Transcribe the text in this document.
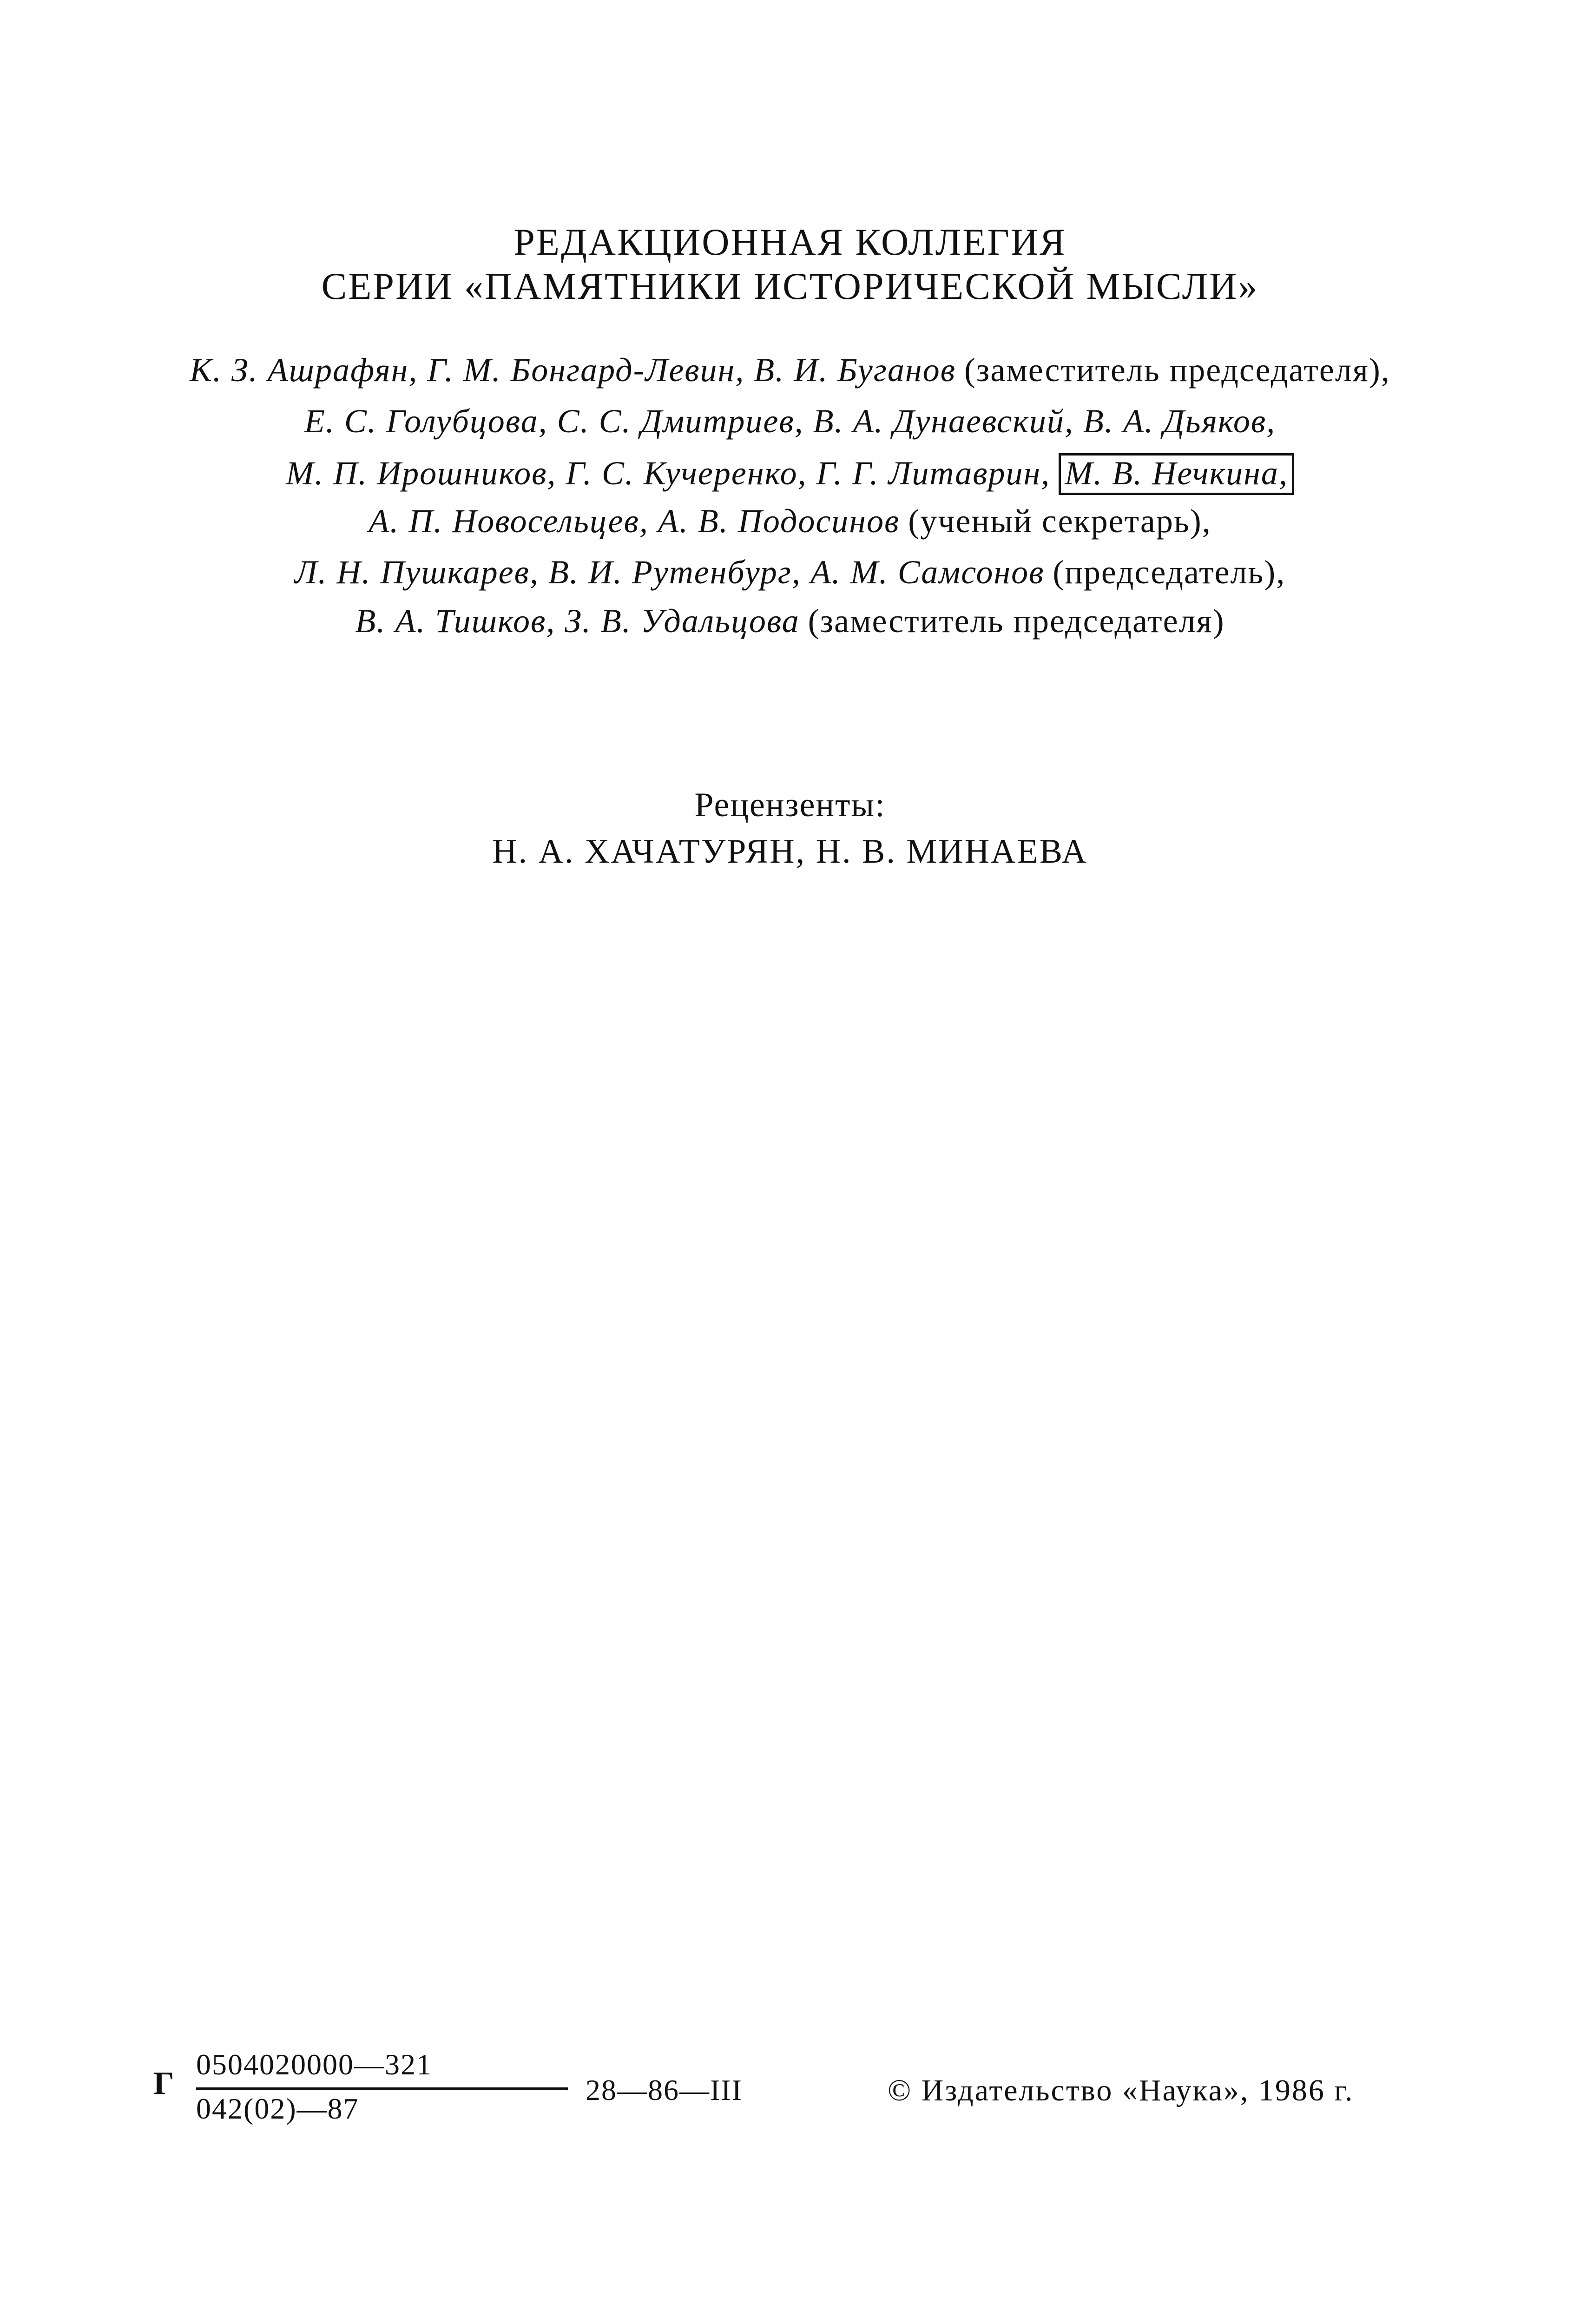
РЕДАКЦИОННАЯ КОЛЛЕГИЯ
СЕРИИ «ПАМЯТНИКИ ИСТОРИЧЕСКОЙ МЫСЛИ»
К. З. Ашрафян, Г. М. Бонгард-Левин, В. И. Буганов (заместитель председателя),
Е. С. Голубцова, С. С. Дмитриев, В. А. Дунаевский, В. А. Дьяков,
М. П. Ирошников, Г. С. Кучеренко, Г. Г. Литаврин, М. В. Нечкина,
А. П. Новосельцев, А. В. Подосинов (ученый секретарь),
Л. Н. Пушкарев, В. И. Рутенбург, А. М. Самсонов (председатель),
В. А. Тишков, З. В. Удальцова (заместитель председателя)
Рецензенты:
Н. А. ХАЧАТУРЯН, Н. В. МИНАЕВА
Г
0504020000—321
042(02)—87
28—86—III	© Издательство «Наука», 1986 г.
